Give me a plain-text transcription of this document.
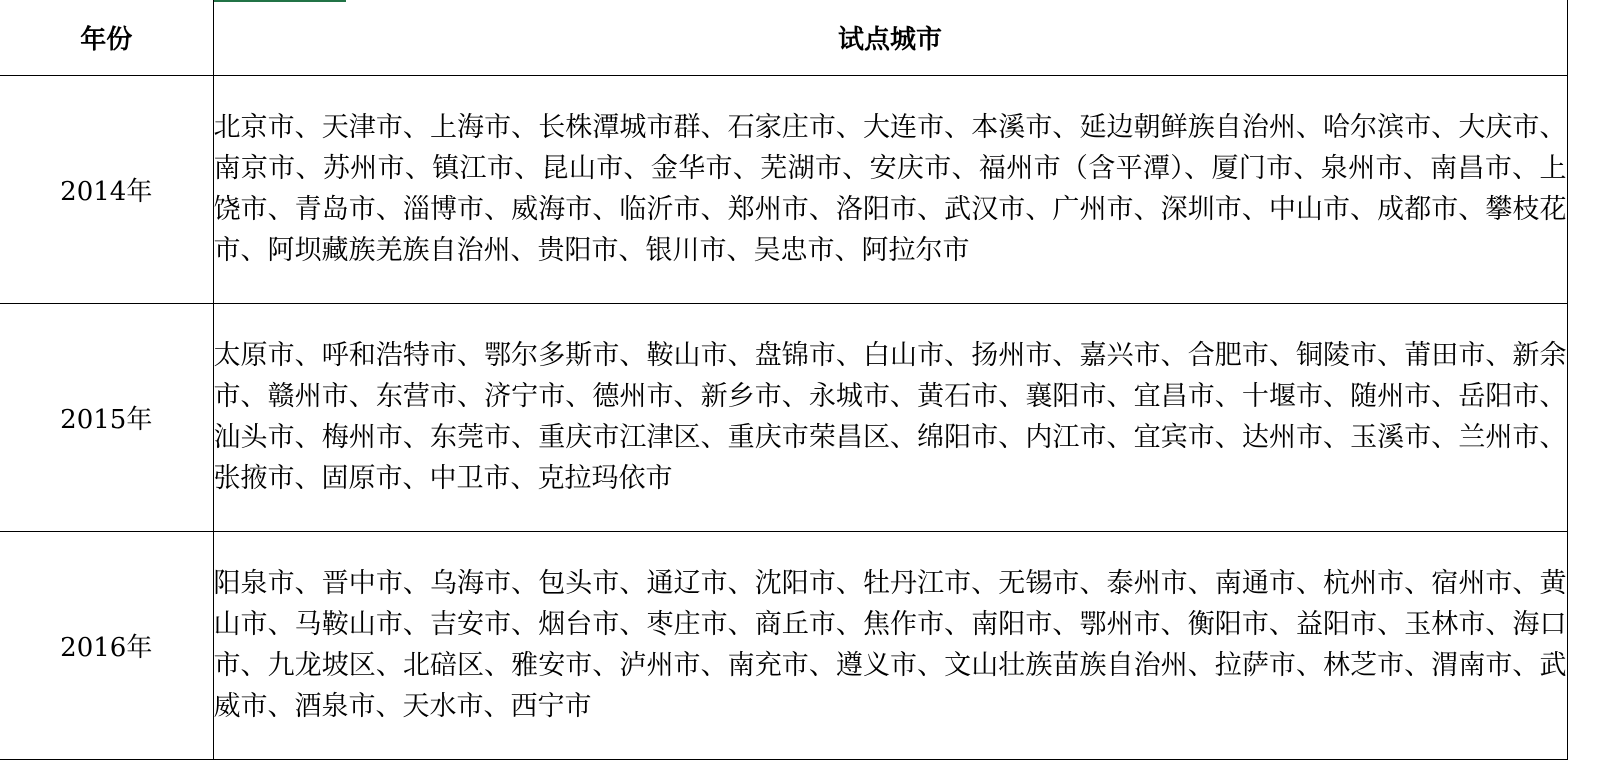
年份	试点城市
2014年	北京市、天津市、上海市、长株潭城市群、石家庄市、大连市、本溪市、延边朝鲜族自治州、哈尔滨市、大庆市、南京市、苏州市、镇江市、昆山市、金华市、芜湖市、安庆市、福州市（含平潭）、厦门市、泉州市、南昌市、上饶市、青岛市、淄博市、威海市、临沂市、郑州市、洛阳市、武汉市、广州市、深圳市、中山市、成都市、攀枝花市、阿坝藏族羌族自治州、贵阳市、银川市、吴忠市、阿拉尔市
2015年	太原市、呼和浩特市、鄂尔多斯市、鞍山市、盘锦市、白山市、扬州市、嘉兴市、合肥市、铜陵市、莆田市、新余市、赣州市、东营市、济宁市、德州市、新乡市、永城市、黄石市、襄阳市、宜昌市、十堰市、随州市、岳阳市、汕头市、梅州市、东莞市、重庆市江津区、重庆市荣昌区、绵阳市、内江市、宜宾市、达州市、玉溪市、兰州市、张掖市、固原市、中卫市、克拉玛依市
2016年	阳泉市、晋中市、乌海市、包头市、通辽市、沈阳市、牡丹江市、无锡市、泰州市、南通市、杭州市、宿州市、黄山市、马鞍山市、吉安市、烟台市、枣庄市、商丘市、焦作市、南阳市、鄂州市、衡阳市、益阳市、玉林市、海口市、九龙坡区、北碚区、雅安市、泸州市、南充市、遵义市、文山壮族苗族自治州、拉萨市、林芝市、渭南市、武威市、酒泉市、天水市、西宁市
